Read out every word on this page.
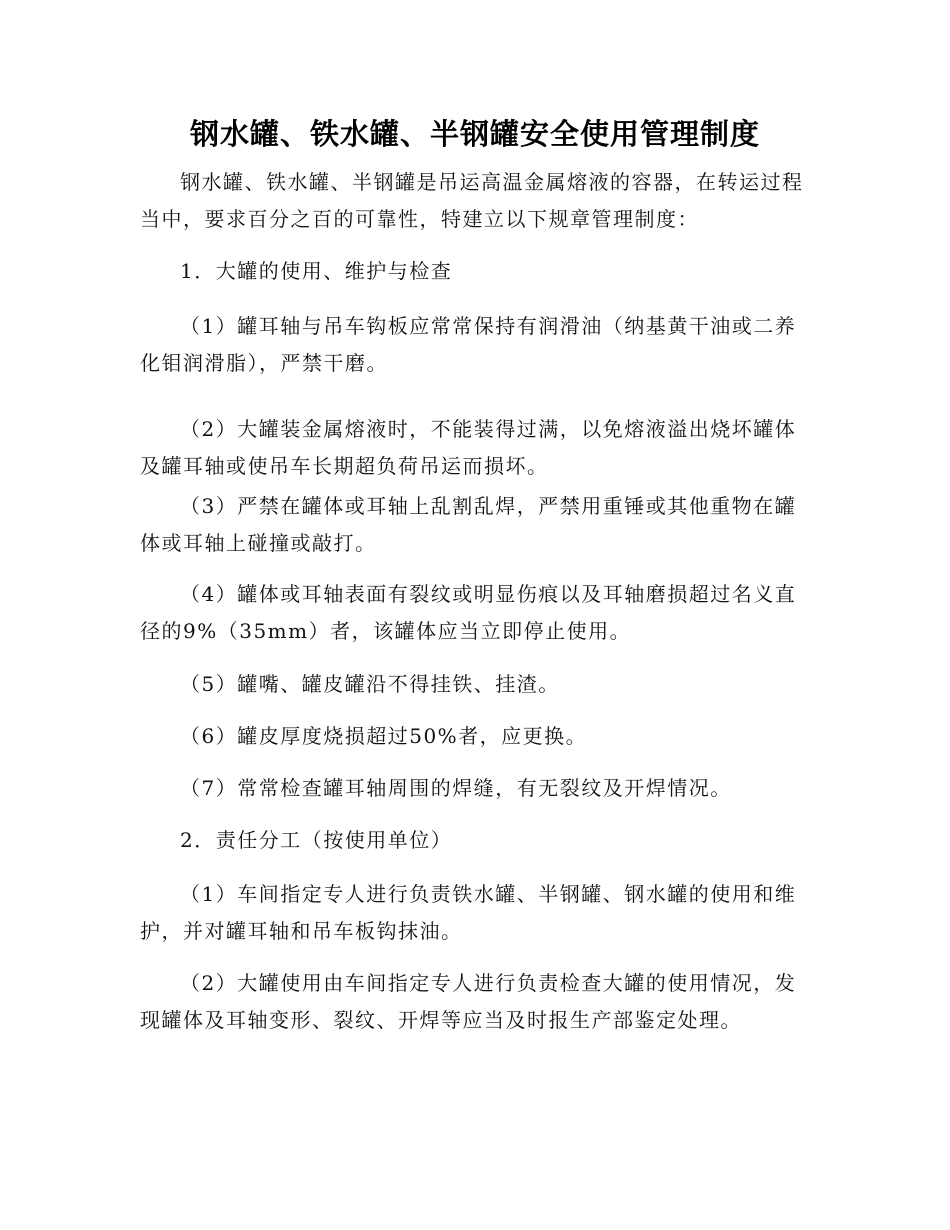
钢水罐、铁水罐、半钢罐安全使用管理制度

钢水罐、铁水罐、半钢罐是吊运高温金属熔液的容器，在转运过程当中，要求百分之百的可靠性，特建立以下规章管理制度：

1．大罐的使用、维护与检查

（1）罐耳轴与吊车钩板应常常保持有润滑油（纳基黄干油或二养化钼润滑脂），严禁干磨。

（2）大罐装金属熔液时，不能装得过满，以免熔液溢出烧坏罐体及罐耳轴或使吊车长期超负荷吊运而损坏。

（3）严禁在罐体或耳轴上乱割乱焊，严禁用重锤或其他重物在罐体或耳轴上碰撞或敲打。

（4）罐体或耳轴表面有裂纹或明显伤痕以及耳轴磨损超过名义直径的9%（35mm）者，该罐体应当立即停止使用。

（5）罐嘴、罐皮罐沿不得挂铁、挂渣。

（6）罐皮厚度烧损超过50%者，应更换。

（7）常常检查罐耳轴周围的焊缝，有无裂纹及开焊情况。

2．责任分工（按使用单位）

（1）车间指定专人进行负责铁水罐、半钢罐、钢水罐的使用和维护，并对罐耳轴和吊车板钩抹油。

（2）大罐使用由车间指定专人进行负责检查大罐的使用情况，发现罐体及耳轴变形、裂纹、开焊等应当及时报生产部鉴定处理。
